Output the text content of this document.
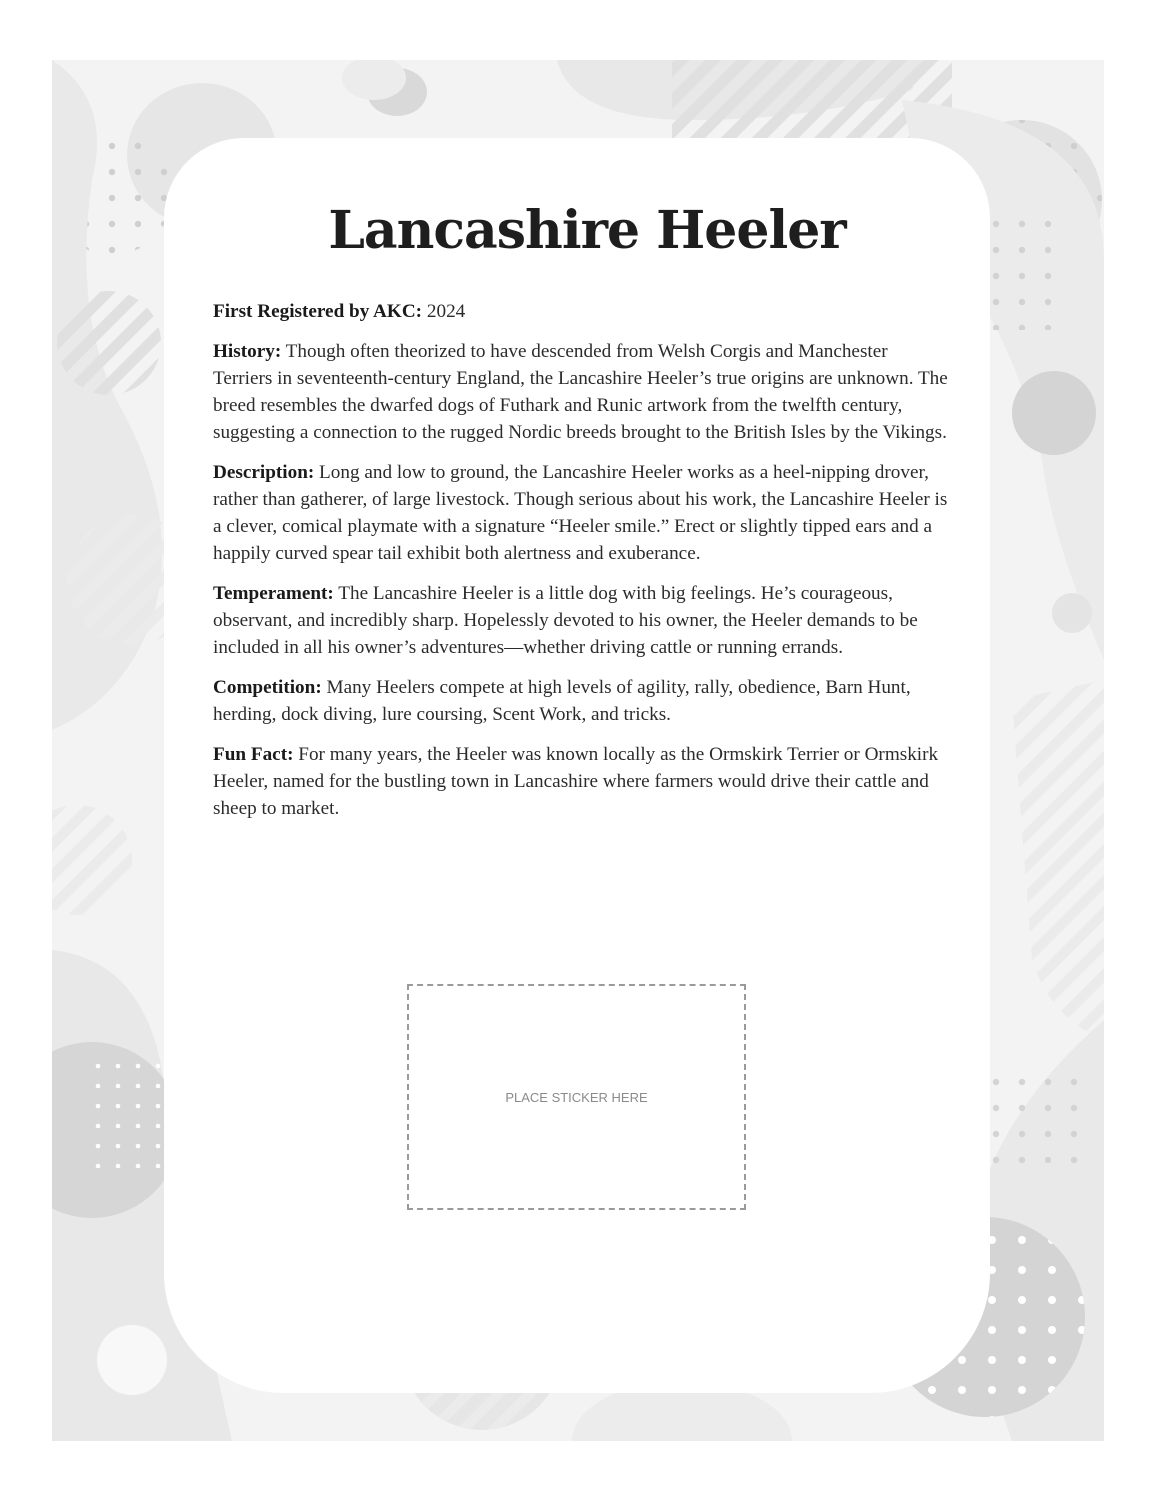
Lancashire Heeler

First Registered by AKC: 2024

History: Though often theorized to have descended from Welsh Corgis and Manchester Terriers in seventeenth-century England, the Lancashire Heeler’s true origins are unknown. The breed resembles the dwarfed dogs of Futhark and Runic artwork from the twelfth century, suggesting a connection to the rugged Nordic breeds brought to the British Isles by the Vikings.

Description: Long and low to ground, the Lancashire Heeler works as a heel-nipping drover, rather than gatherer, of large livestock. Though serious about his work, the Lancashire Heeler is a clever, comical playmate with a signature “Heeler smile.” Erect or slightly tipped ears and a happily curved spear tail exhibit both alertness and exuberance.

Temperament: The Lancashire Heeler is a little dog with big feelings. He’s courageous, observant, and incredibly sharp. Hopelessly devoted to his owner, the Heeler demands to be included in all his owner’s adventures—whether driving cattle or running errands.

Competition: Many Heelers compete at high levels of agility, rally, obedience, Barn Hunt, herding, dock diving, lure coursing, Scent Work, and tricks.

Fun Fact: For many years, the Heeler was known locally as the Ormskirk Terrier or Ormskirk Heeler, named for the bustling town in Lancashire where farmers would drive their cattle and sheep to market.

PLACE STICKER HERE
